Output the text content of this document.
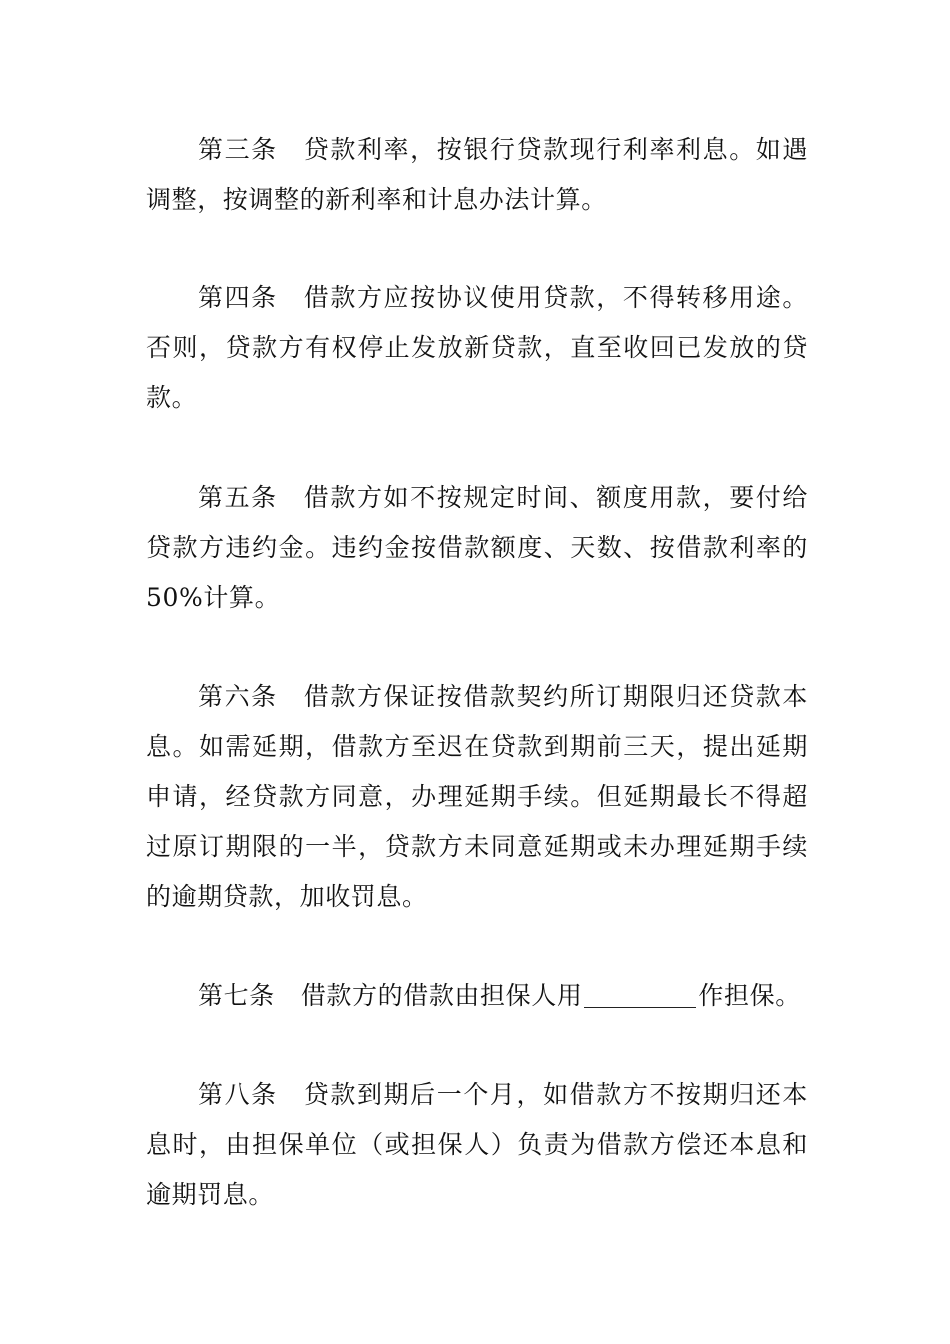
第三条 贷款利率，按银行贷款现行利率利息。如遇调整，按调整的新利率和计息办法计算。

第四条 借款方应按协议使用贷款，不得转移用途。否则，贷款方有权停止发放新贷款，直至收回已发放的贷款。

第五条 借款方如不按规定时间、额度用款，要付给贷款方违约金。违约金按借款额度、天数、按借款利率的50%计算。

第六条 借款方保证按借款契约所订期限归还贷款本息。如需延期，借款方至迟在贷款到期前三天，提出延期申请，经贷款方同意，办理延期手续。但延期最长不得超过原订期限的一半，贷款方未同意延期或未办理延期手续的逾期贷款，加收罚息。

第七条 借款方的借款由担保人用	作担保。

第八条 贷款到期后一个月，如借款方不按期归还本息时，由担保单位（或担保人）负责为借款方偿还本息和逾期罚息。
